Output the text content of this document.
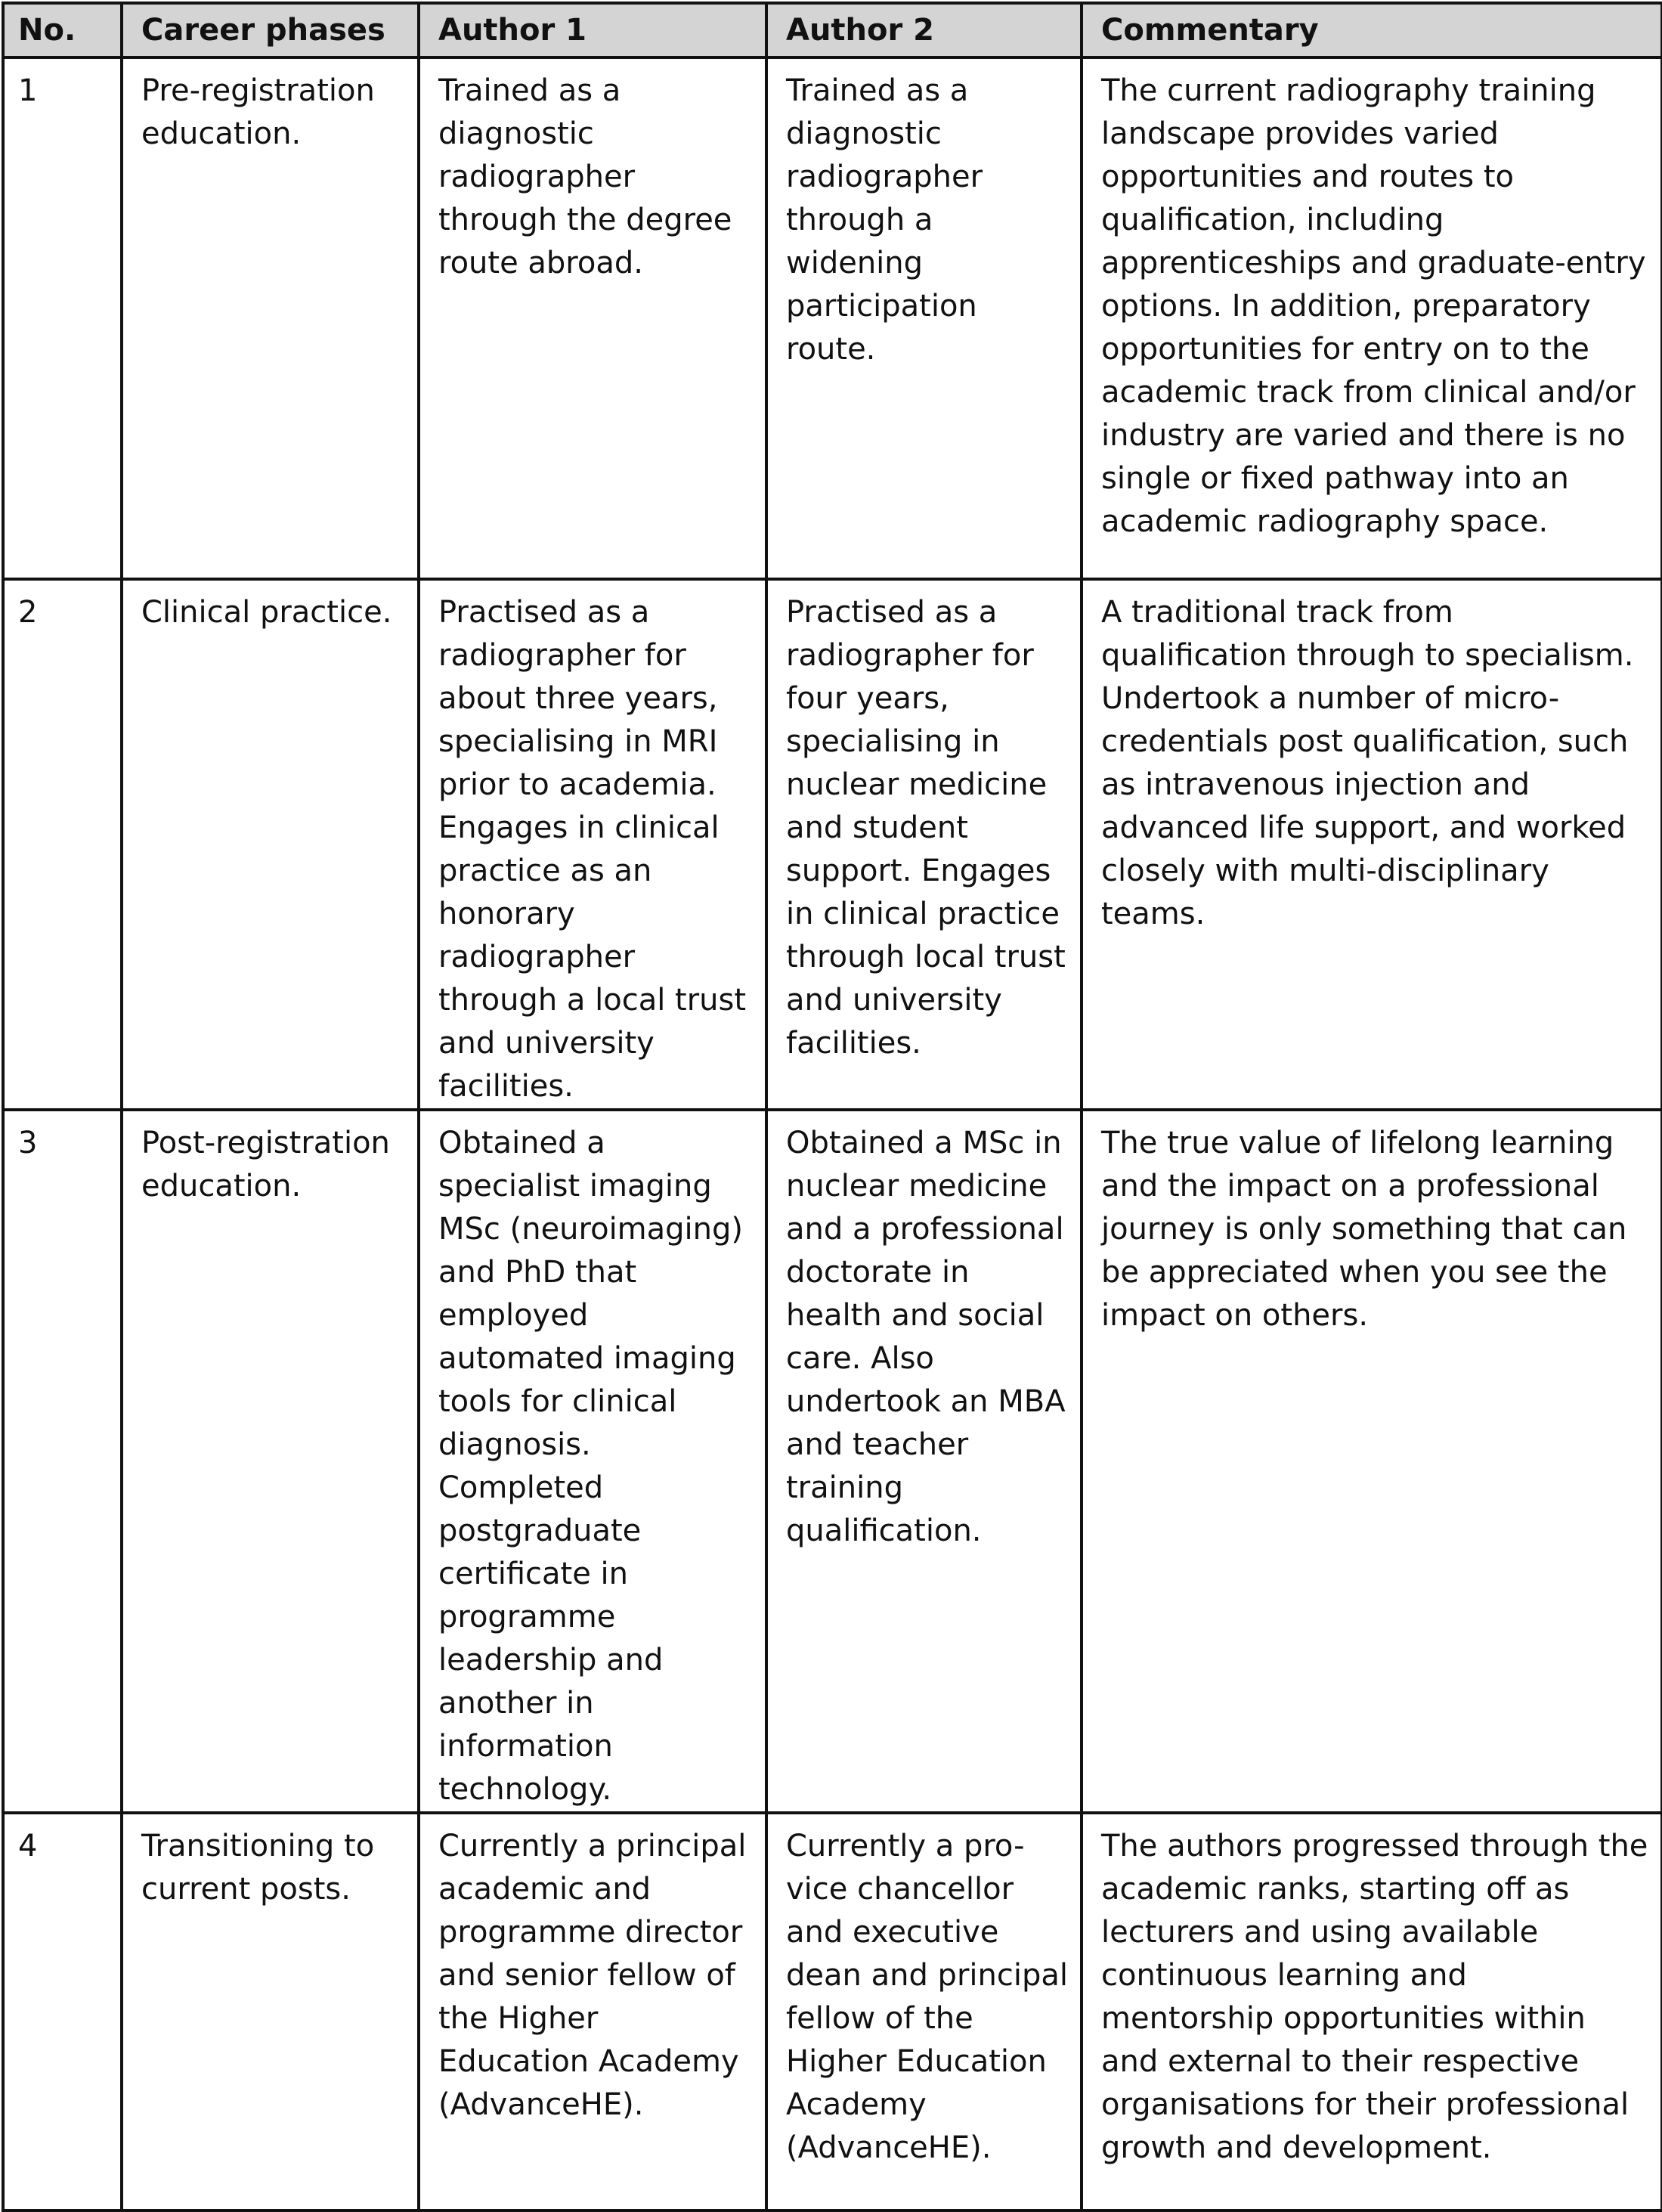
No.	Career phases	Author 1	Author 2	Commentary
1	Pre-registration education.	Trained as a diagnostic radiographer through the degree route abroad.	Trained as a diagnostic radiographer through a widening participation route.	The current radiography training landscape provides varied opportunities and routes to qualification, including apprenticeships and graduate-entry options. In addition, preparatory opportunities for entry on to the academic track from clinical and/or industry are varied and there is no single or fixed pathway into an academic radiography space.
2	Clinical practice.	Practised as a radiographer for about three years, specialising in MRI prior to academia. Engages in clinical practice as an honorary radiographer through a local trust and university facilities.	Practised as a radiographer for four years, specialising in nuclear medicine and student support. Engages in clinical practice through local trust and university facilities.	A traditional track from qualification through to specialism. Undertook a number of micro-credentials post qualification, such as intravenous injection and advanced life support, and worked closely with multi-disciplinary teams.
3	Post-registration education.	Obtained a specialist imaging MSc (neuroimaging) and PhD that employed automated imaging tools for clinical diagnosis. Completed postgraduate certificate in programme leadership and another in information technology.	Obtained a MSc in nuclear medicine and a professional doctorate in health and social care. Also undertook an MBA and teacher training qualification.	The true value of lifelong learning and the impact on a professional journey is only something that can be appreciated when you see the impact on others.
4	Transitioning to current posts.	Currently a principal academic and programme director and senior fellow of the Higher Education Academy (AdvanceHE).	Currently a pro-vice chancellor and executive dean and principal fellow of the Higher Education Academy (AdvanceHE).	The authors progressed through the academic ranks, starting off as lecturers and using available continuous learning and mentorship opportunities within and external to their respective organisations for their professional growth and development.
